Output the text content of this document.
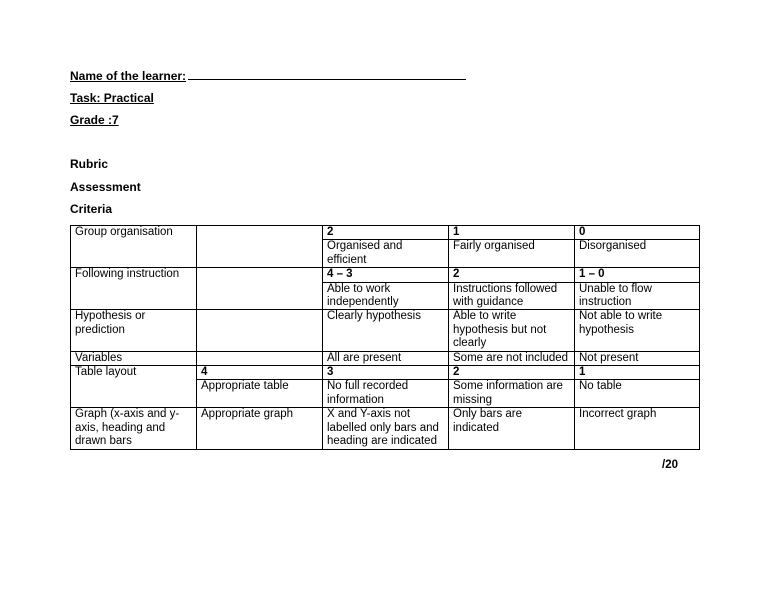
Name of the learner:
Task: Practical
Grade :7
Rubric
Assessment
Criteria
Group organisation		2	1	0
		Organised and efficient	Fairly organised	Disorganised
Following instruction		4 – 3	2	1 – 0
		Able to work independently	Instructions followed with guidance	Unable to flow instruction
Hypothesis or prediction		Clearly hypothesis	Able to write hypothesis but not clearly	Not able to write hypothesis
Variables		All are present	Some are not included	Not present
Table layout	4	3	2	1
	Appropriate table	No full recorded information	Some information are missing	No table
Graph (x-axis and y-axis, heading and drawn bars	Appropriate graph	X and Y-axis not labelled only bars and heading are indicated	Only bars are indicated	Incorrect graph
/20
